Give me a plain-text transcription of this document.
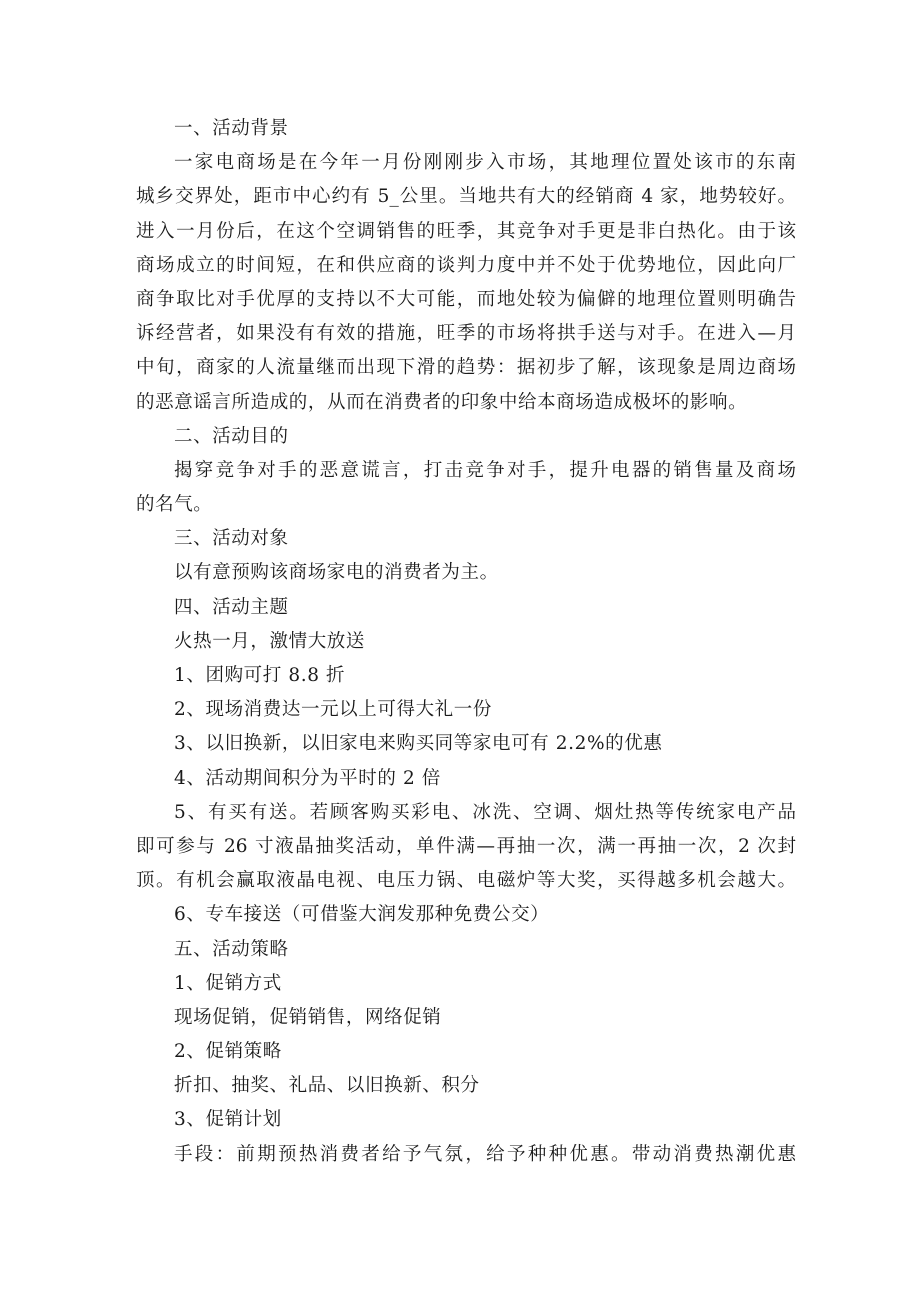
一、活动背景
一家电商场是在今年一月份刚刚步入市场，其地理位置处该市的东南
城乡交界处，距市中心约有 5_公里。当地共有大的经销商 4 家，地势较好。
进入一月份后，在这个空调销售的旺季，其竞争对手更是非白热化。由于该
商场成立的时间短，在和供应商的谈判力度中并不处于优势地位，因此向厂
商争取比对手优厚的支持以不大可能，而地处较为偏僻的地理位置则明确告
诉经营者，如果没有有效的措施，旺季的市场将拱手送与对手。在进入—月
中旬，商家的人流量继而出现下滑的趋势：据初步了解，该现象是周边商场
的恶意谣言所造成的，从而在消费者的印象中给本商场造成极坏的影响。
二、活动目的
揭穿竞争对手的恶意谎言，打击竞争对手，提升电器的销售量及商场
的名气。
三、活动对象
以有意预购该商场家电的消费者为主。
四、活动主题
火热一月，激情大放送
1、团购可打 8.8 折
2、现场消费达一元以上可得大礼一份
3、以旧换新，以旧家电来购买同等家电可有 2.2%的优惠
4、活动期间积分为平时的 2 倍
5、有买有送。若顾客购买彩电、冰洗、空调、烟灶热等传统家电产品
即可参与 26 寸液晶抽奖活动，单件满—再抽一次，满一再抽一次，2 次封
顶。有机会赢取液晶电视、电压力锅、电磁炉等大奖，买得越多机会越大。
6、专车接送（可借鉴大润发那种免费公交）
五、活动策略
1、促销方式
现场促销，促销销售，网络促销
2、促销策略
折扣、抽奖、礼品、以旧换新、积分
3、促销计划
手段：前期预热消费者给予气氛，给予种种优惠。带动消费热潮优惠
